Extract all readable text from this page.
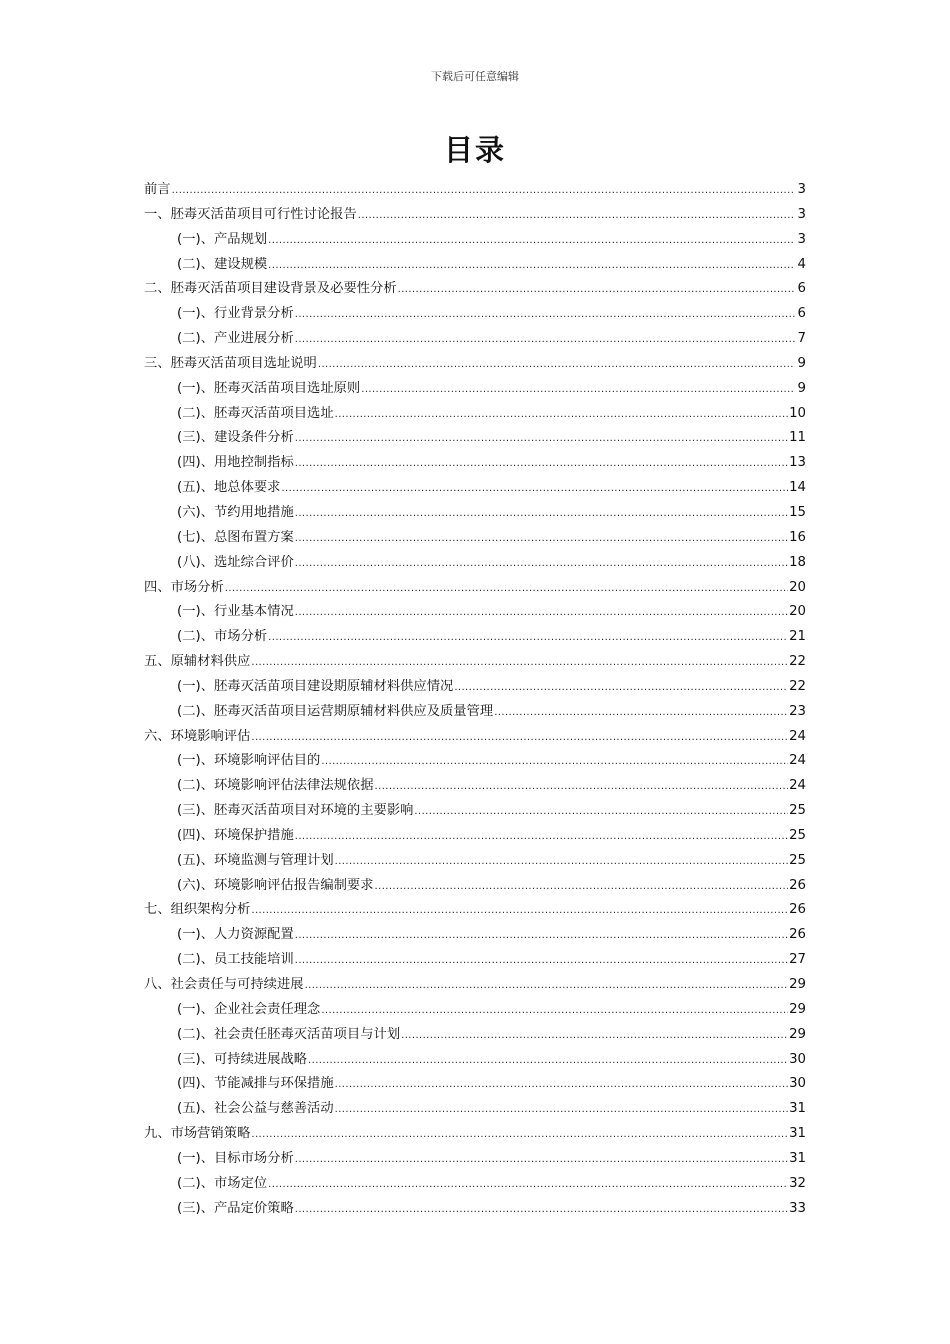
下载后可任意编辑
目录
前言 .....	3
一、胚毒灭活苗项目可行性讨论报告 .....	3
(一)、产品规划 .....	3
(二)、建设规模 .....	4
二、胚毒灭活苗项目建设背景及必要性分析 .....	6
(一)、行业背景分析 .....	6
(二)、产业进展分析 .....	7
三、胚毒灭活苗项目选址说明 .....	9
(一)、胚毒灭活苗项目选址原则 .....	9
(二)、胚毒灭活苗项目选址 .....	10
(三)、建设条件分析 .....	11
(四)、用地控制指标 .....	13
(五)、地总体要求 .....	14
(六)、节约用地措施 .....	15
(七)、总图布置方案 .....	16
(八)、选址综合评价 .....	18
四、市场分析 .....	20
(一)、行业基本情况 .....	20
(二)、市场分析 .....	21
五、原辅材料供应 .....	22
(一)、胚毒灭活苗项目建设期原辅材料供应情况 .....	22
(二)、胚毒灭活苗项目运营期原辅材料供应及质量管理 .....	23
六、环境影响评估 .....	24
(一)、环境影响评估目的 .....	24
(二)、环境影响评估法律法规依据 .....	24
(三)、胚毒灭活苗项目对环境的主要影响 .....	25
(四)、环境保护措施 .....	25
(五)、环境监测与管理计划 .....	25
(六)、环境影响评估报告编制要求 .....	26
七、组织架构分析 .....	26
(一)、人力资源配置 .....	26
(二)、员工技能培训 .....	27
八、社会责任与可持续进展 .....	29
(一)、企业社会责任理念 .....	29
(二)、社会责任胚毒灭活苗项目与计划 .....	29
(三)、可持续进展战略 .....	30
(四)、节能减排与环保措施 .....	30
(五)、社会公益与慈善活动 .....	31
九、市场营销策略 .....	31
(一)、目标市场分析 .....	31
(二)、市场定位 .....	32
(三)、产品定价策略 .....	33
